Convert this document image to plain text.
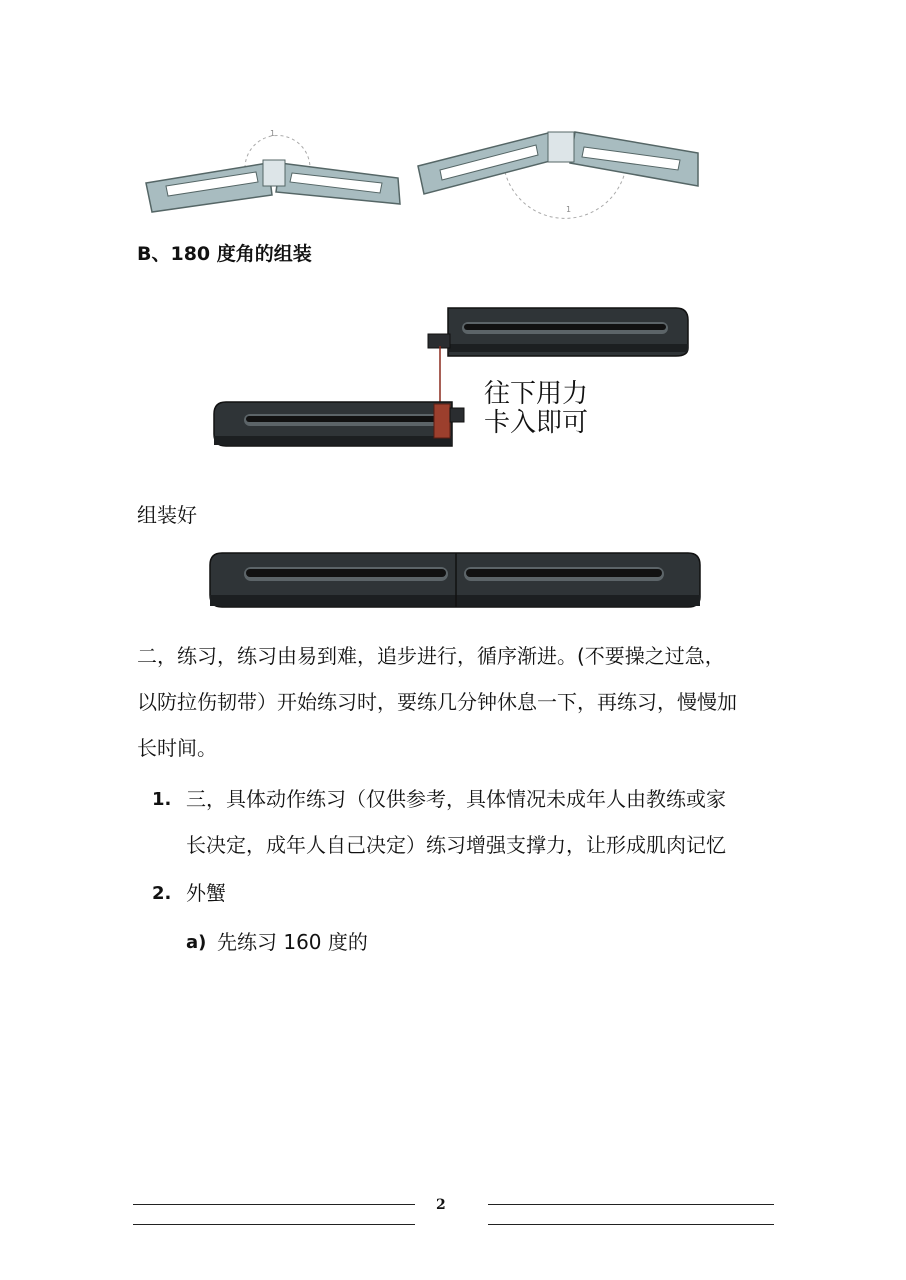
1
1
B、180 度角的组装
往下用力
卡入即可
组装好
二，练习，练习由易到难，追步进行，循序渐进。(不要操之过急，
以防拉伤韧带）开始练习时，要练几分钟休息一下，再练习，慢慢加
长时间。
1. 三，具体动作练习（仅供参考，具体情况未成年人由教练或家
长决定，成年人自己决定）练习增强支撑力，让形成肌肉记忆
2. 外蟹
a) 先练习 160 度的
2
